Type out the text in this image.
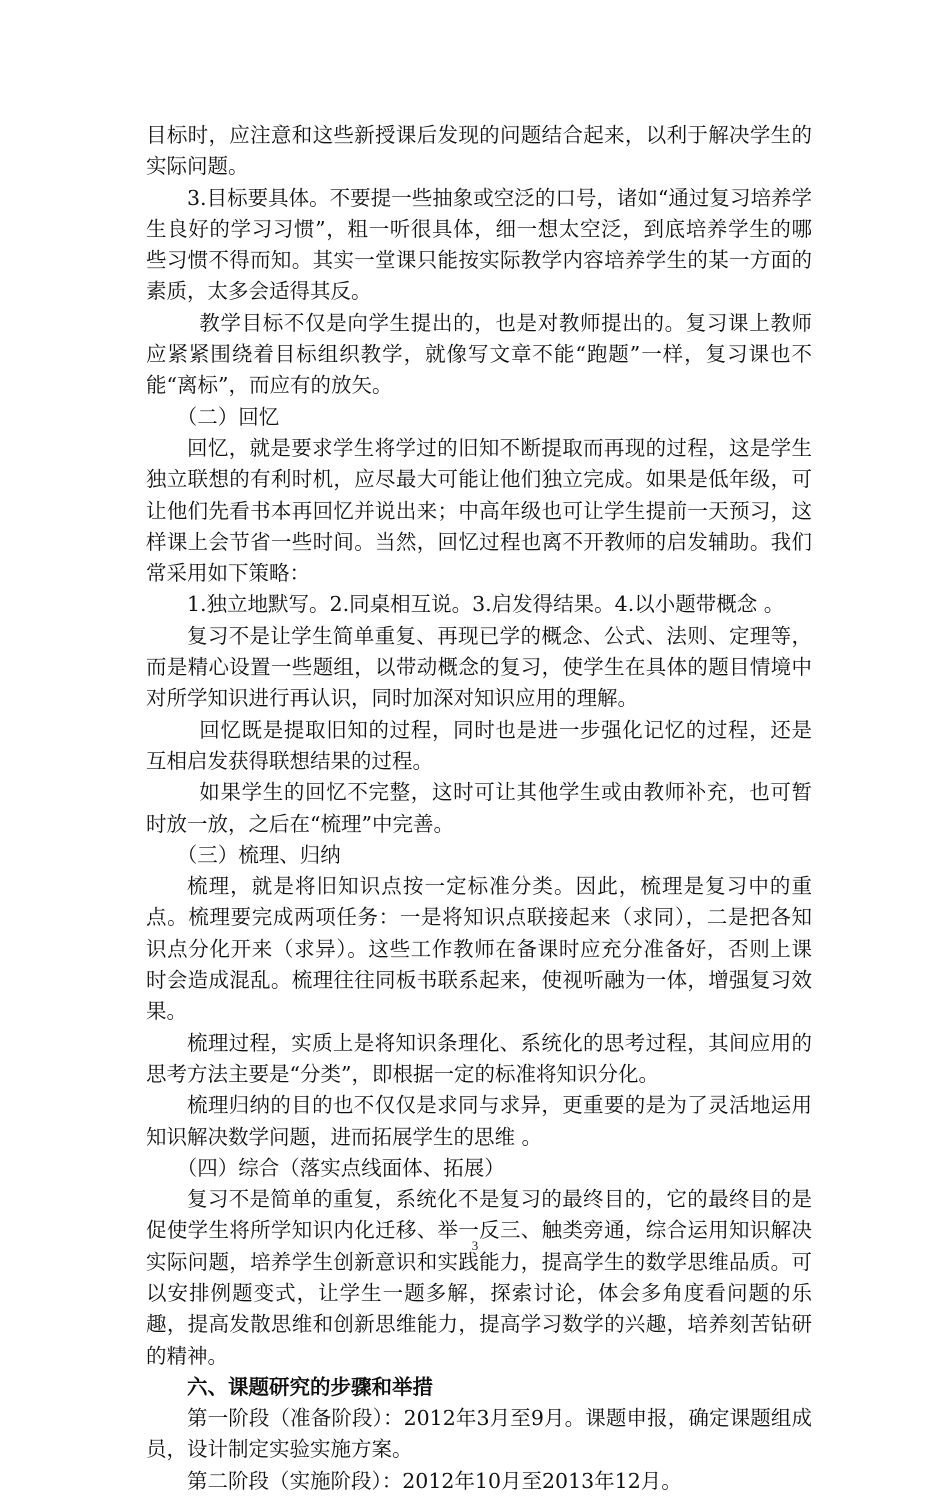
目标时，应注意和这些新授课后发现的问题结合起来，以利于解决学生的实际问题。

3.目标要具体。不要提一些抽象或空泛的口号，诸如“通过复习培养学生良好的学习习惯”，粗一听很具体，细一想太空泛，到底培养学生的哪些习惯不得而知。其实一堂课只能按实际教学内容培养学生的某一方面的素质，太多会适得其反。

教学目标不仅是向学生提出的，也是对教师提出的。复习课上教师应紧紧围绕着目标组织教学，就像写文章不能“跑题”一样，复习课也不能“离标”，而应有的放矢。

（二）回忆

回忆，就是要求学生将学过的旧知不断提取而再现的过程，这是学生独立联想的有利时机，应尽最大可能让他们独立完成。如果是低年级，可让他们先看书本再回忆并说出来；中高年级也可让学生提前一天预习，这样课上会节省一些时间。当然，回忆过程也离不开教师的启发辅助。我们常采用如下策略：

1.独立地默写。2.同桌相互说。3.启发得结果。4.以小题带概念 。

复习不是让学生简单重复、再现已学的概念、公式、法则、定理等，而是精心设置一些题组，以带动概念的复习，使学生在具体的题目情境中对所学知识进行再认识，同时加深对知识应用的理解。

回忆既是提取旧知的过程，同时也是进一步强化记忆的过程，还是互相启发获得联想结果的过程。

如果学生的回忆不完整，这时可让其他学生或由教师补充，也可暂时放一放，之后在“梳理”中完善。

（三）梳理、归纳

梳理，就是将旧知识点按一定标准分类。因此，梳理是复习中的重点。梳理要完成两项任务：一是将知识点联接起来（求同），二是把各知识点分化开来（求异）。这些工作教师在备课时应充分准备好，否则上课时会造成混乱。梳理往往同板书联系起来，使视听融为一体，增强复习效果。

梳理过程，实质上是将知识条理化、系统化的思考过程，其间应用的思考方法主要是“分类”，即根据一定的标准将知识分化。

梳理归纳的目的也不仅仅是求同与求异，更重要的是为了灵活地运用知识解决数学问题，进而拓展学生的思维 。

（四）综合（落实点线面体、拓展）

复习不是简单的重复，系统化不是复习的最终目的，它的最终目的是促使学生将所学知识内化迁移、举一反三、触类旁通，综合运用知识解决实际问题，培养学生创新意识和实践能力，提高学生的数学思维品质。可以安排例题变式，让学生一题多解，探索讨论，体会多角度看问题的乐趣，提高发散思维和创新思维能力，提高学习数学的兴趣，培养刻苦钻研的精神。

六、课题研究的步骤和举措

第一阶段（准备阶段）：2012年3月至9月。课题申报，确定课题组成员，设计制定实验实施方案。

第二阶段（实施阶段）：2012年10月至2013年12月。

3
